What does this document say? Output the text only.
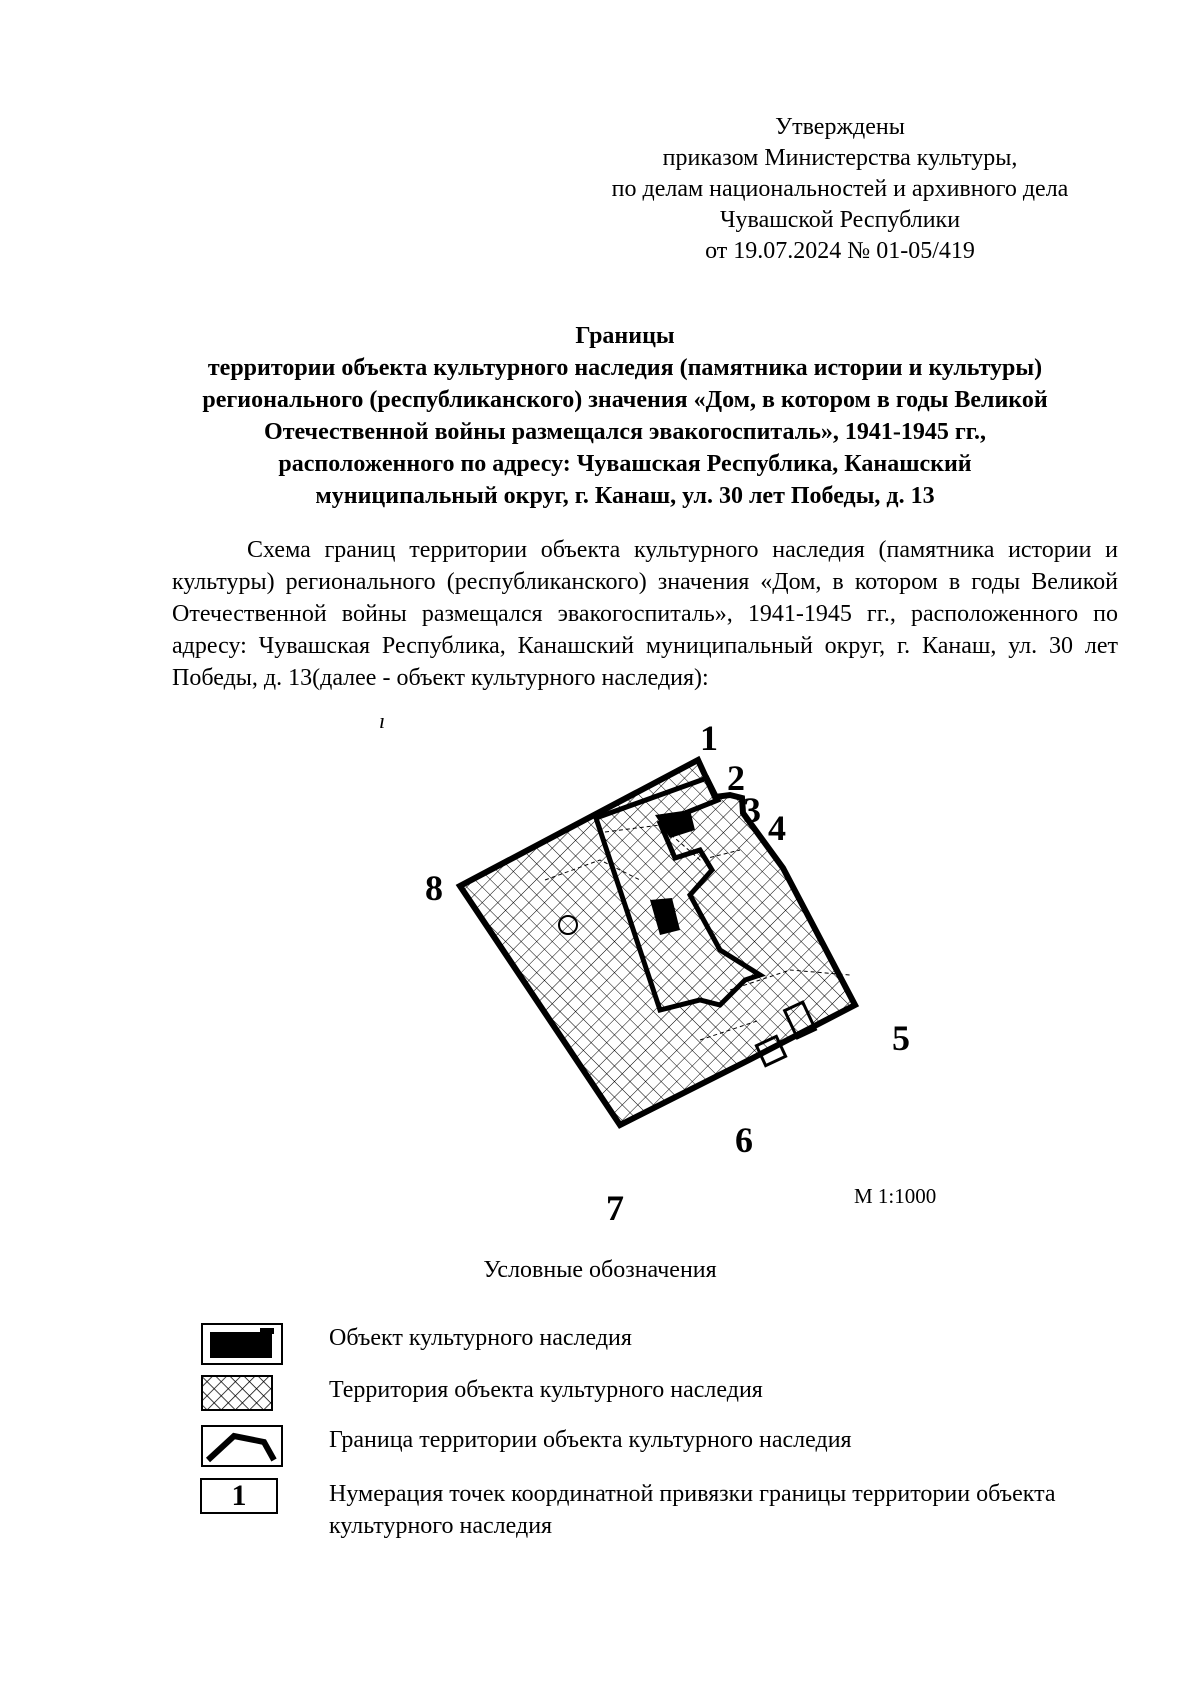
Утверждены
приказом Министерства культуры,
по делам национальностей и архивного дела
Чувашской Республики
от 19.07.2024 № 01-05/419
Границы
территории объекта культурного наследия (памятника истории и культуры)
регионального (республиканского) значения «Дом, в котором в годы Великой
Отечественной войны размещался эвакогоспиталь», 1941-1945 гг.,
расположенного по адресу: Чувашская Республика, Канашский
муниципальный округ, г. Канаш, ул. 30 лет Победы, д. 13

Схема границ территории объекта культурного наследия (памятника истории и культуры) регионального (республиканского) значения «Дом, в котором в годы Великой Отечественной войны размещался эвакогоспиталь», 1941-1945 гг., расположенного по адресу: Чувашская Республика, Канашский муниципальный округ, г. Канаш, ул. 30 лет Победы, д. 13(далее - объект культурного наследия):

ı	1
2
3 4
5
6
7
8
М 1:1000
Условные обозначения
Объект культурного наследия
Территория объекта культурного наследия
Граница территории объекта культурного наследия
1	Нумерация точек координатной привязки границы территории объекта культурного наследия
